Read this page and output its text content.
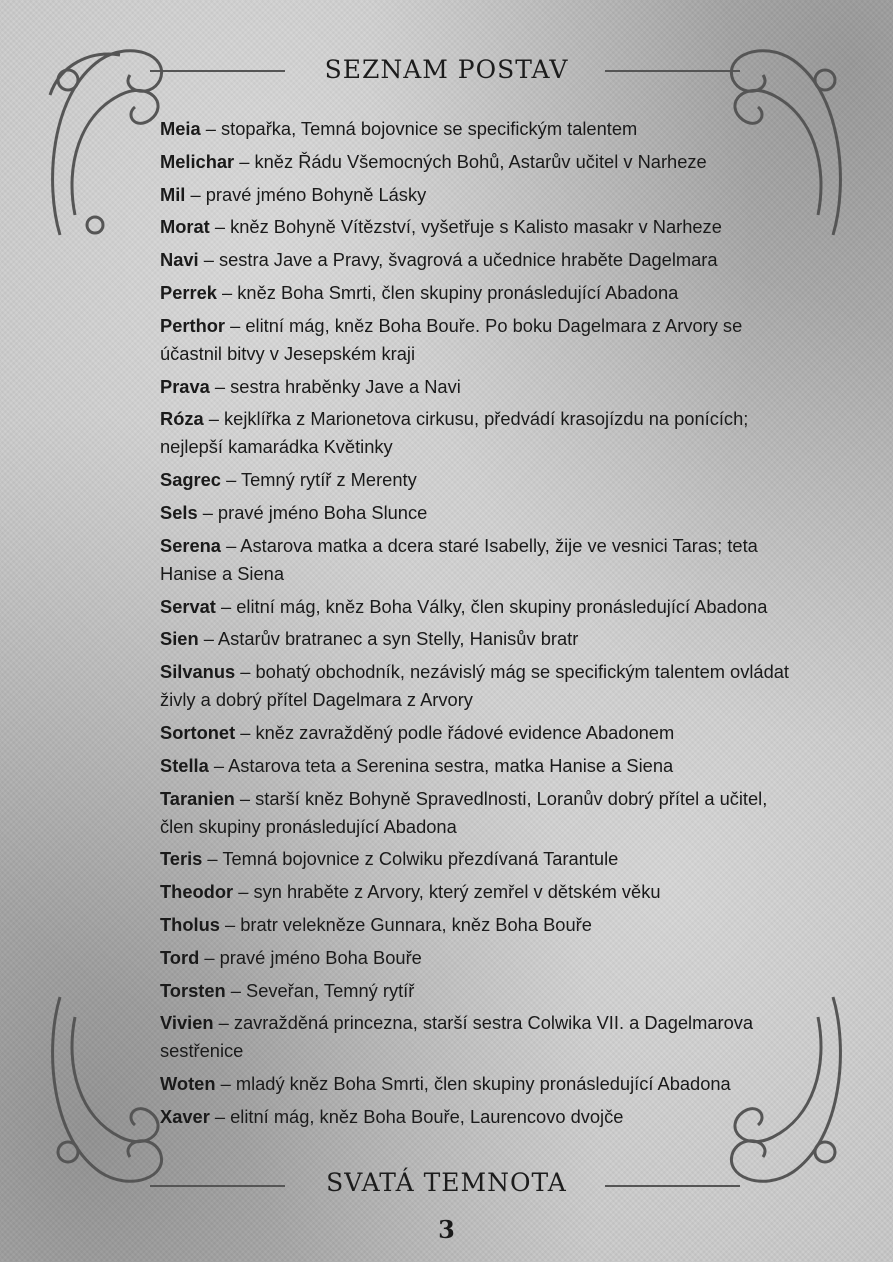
SEZNAM POSTAV
Meia – stopařka, Temná bojovnice se specifickým talentem
Melichar – kněz Řádu Všemocných Bohů, Astarův učitel v Narheze
Mil – pravé jméno Bohyně Lásky
Morat – kněz Bohyně Vítězství, vyšetřuje s Kalisto masakr v Narheze
Navi – sestra Jave a Pravy, švagrová a učednice hraběte Dagelmara
Perrek – kněz Boha Smrti, člen skupiny pronásledující Abadona
Perthor – elitní mág, kněz Boha Bouře. Po boku Dagelmara z Arvory se účastnil bitvy v Jesepském kraji
Prava – sestra hraběnky Jave a Navi
Róza – kejklířka z Marionetova cirkusu, předvádí krasojízdu na ponících; nejlepší kamarádka Květinky
Sagrec – Temný rytíř z Merenty
Sels – pravé jméno Boha Slunce
Serena – Astarova matka a dcera staré Isabelly, žije ve vesnici Taras; teta Hanise a Siena
Servat – elitní mág, kněz Boha Války, člen skupiny pronásledující Abadona
Sien – Astarův bratranec a syn Stelly, Hanisův bratr
Silvanus – bohatý obchodník, nezávislý mág se specifickým talentem ovládat živly a dobrý přítel Dagelmara z Arvory
Sortonet – kněz zavražděný podle řádové evidence Abadonem
Stella – Astarova teta a Serenina sestra, matka Hanise a Siena
Taranien – starší kněz Bohyně Spravedlnosti, Loranův dobrý přítel a učitel, člen skupiny pronásledující Abadona
Teris – Temná bojovnice z Colwiku přezdívaná Tarantule
Theodor – syn hraběte z Arvory, který zemřel v dětském věku
Tholus – bratr velekněze Gunnara, kněz Boha Bouře
Tord – pravé jméno Boha Bouře
Torsten – Seveřan, Temný rytíř
Vivien – zavražděná princezna, starší sestra Colwika VII. a Dagelmarova sestřenice
Woten – mladý kněz Boha Smrti, člen skupiny pronásledující Abadona
Xaver – elitní mág, kněz Boha Bouře, Laurencovo dvojče
SVATÁ TEMNOTA
3
